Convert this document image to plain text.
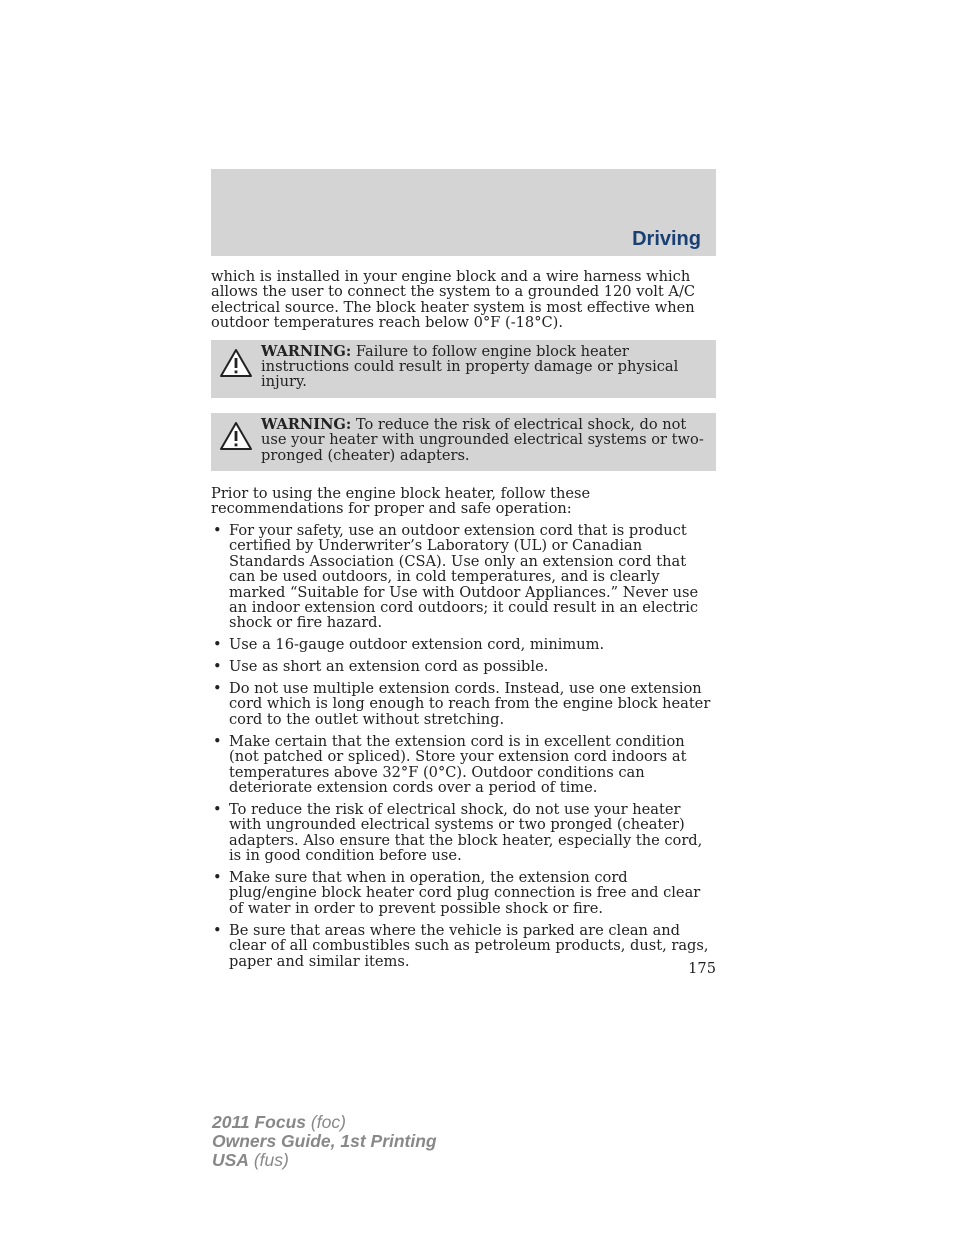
Driving

which is installed in your engine block and a wire harness which allows the user to connect the system to a grounded 120 volt A/C electrical source. The block heater system is most effective when outdoor temperatures reach below 0°F (-18°C).

WARNING: Failure to follow engine block heater instructions could result in property damage or physical injury.
WARNING: To reduce the risk of electrical shock, do not use your heater with ungrounded electrical systems or two-pronged (cheater) adapters.

Prior to using the engine block heater, follow these recommendations for proper and safe operation:

• For your safety, use an outdoor extension cord that is product certified by Underwriter’s Laboratory (UL) or Canadian Standards Association (CSA). Use only an extension cord that can be used outdoors, in cold temperatures, and is clearly marked “Suitable for Use with Outdoor Appliances.” Never use an indoor extension cord outdoors; it could result in an electric shock or fire hazard.
• Use a 16-gauge outdoor extension cord, minimum.
• Use as short an extension cord as possible.
• Do not use multiple extension cords. Instead, use one extension cord which is long enough to reach from the engine block heater cord to the outlet without stretching.
• Make certain that the extension cord is in excellent condition (not patched or spliced). Store your extension cord indoors at temperatures above 32°F (0°C). Outdoor conditions can deteriorate extension cords over a period of time.
• To reduce the risk of electrical shock, do not use your heater with ungrounded electrical systems or two pronged (cheater) adapters. Also ensure that the block heater, especially the cord, is in good condition before use.
• Make sure that when in operation, the extension cord plug/engine block heater cord plug connection is free and clear of water in order to prevent possible shock or fire.
• Be sure that areas where the vehicle is parked are clean and clear of all combustibles such as petroleum products, dust, rags, paper and similar items.	175
2011 Focus (foc)
Owners Guide, 1st Printing
USA (fus)
